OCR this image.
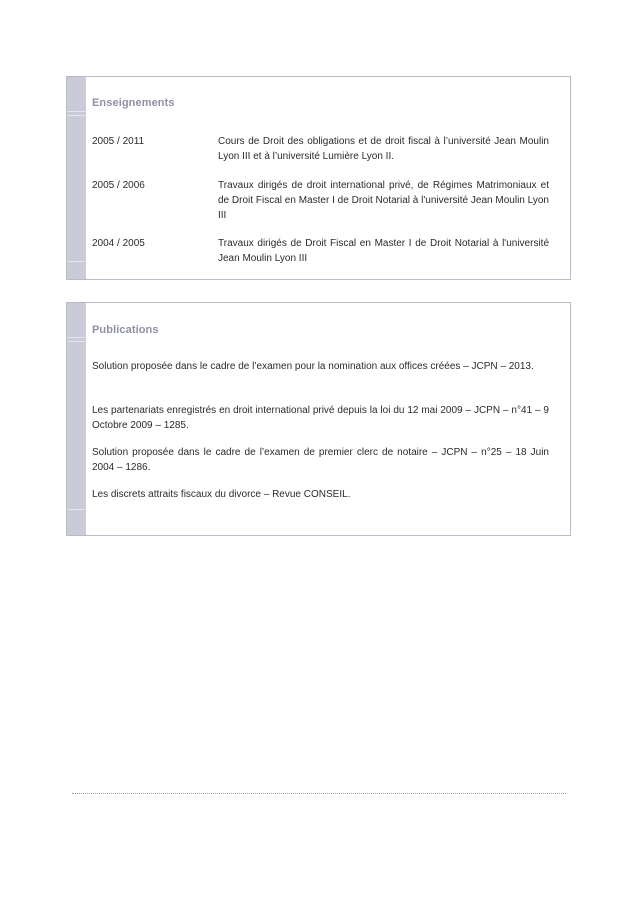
Enseignements
2005 / 2011	Cours de Droit des obligations et de droit fiscal à l’université Jean Moulin Lyon III et à l’université Lumière Lyon II.
2005 / 2006	Travaux dirigés de droit international privé, de Régimes Matrimoniaux et de Droit Fiscal en Master I de Droit Notarial à l'université Jean Moulin Lyon III
2004 / 2005	Travaux dirigés de Droit Fiscal en Master I de Droit Notarial à l'université Jean Moulin Lyon III
Publications
Solution proposée dans le cadre de l’examen pour la nomination aux offices créées – JCPN – 2013.
Les partenariats enregistrés en droit international privé depuis la loi du 12 mai 2009 – JCPN – n°41 – 9 Octobre 2009 – 1285.
Solution proposée dans le cadre de l’examen de premier clerc de notaire – JCPN – n°25 – 18 Juin 2004 – 1286.
Les discrets attraits fiscaux du divorce – Revue CONSEIL.
